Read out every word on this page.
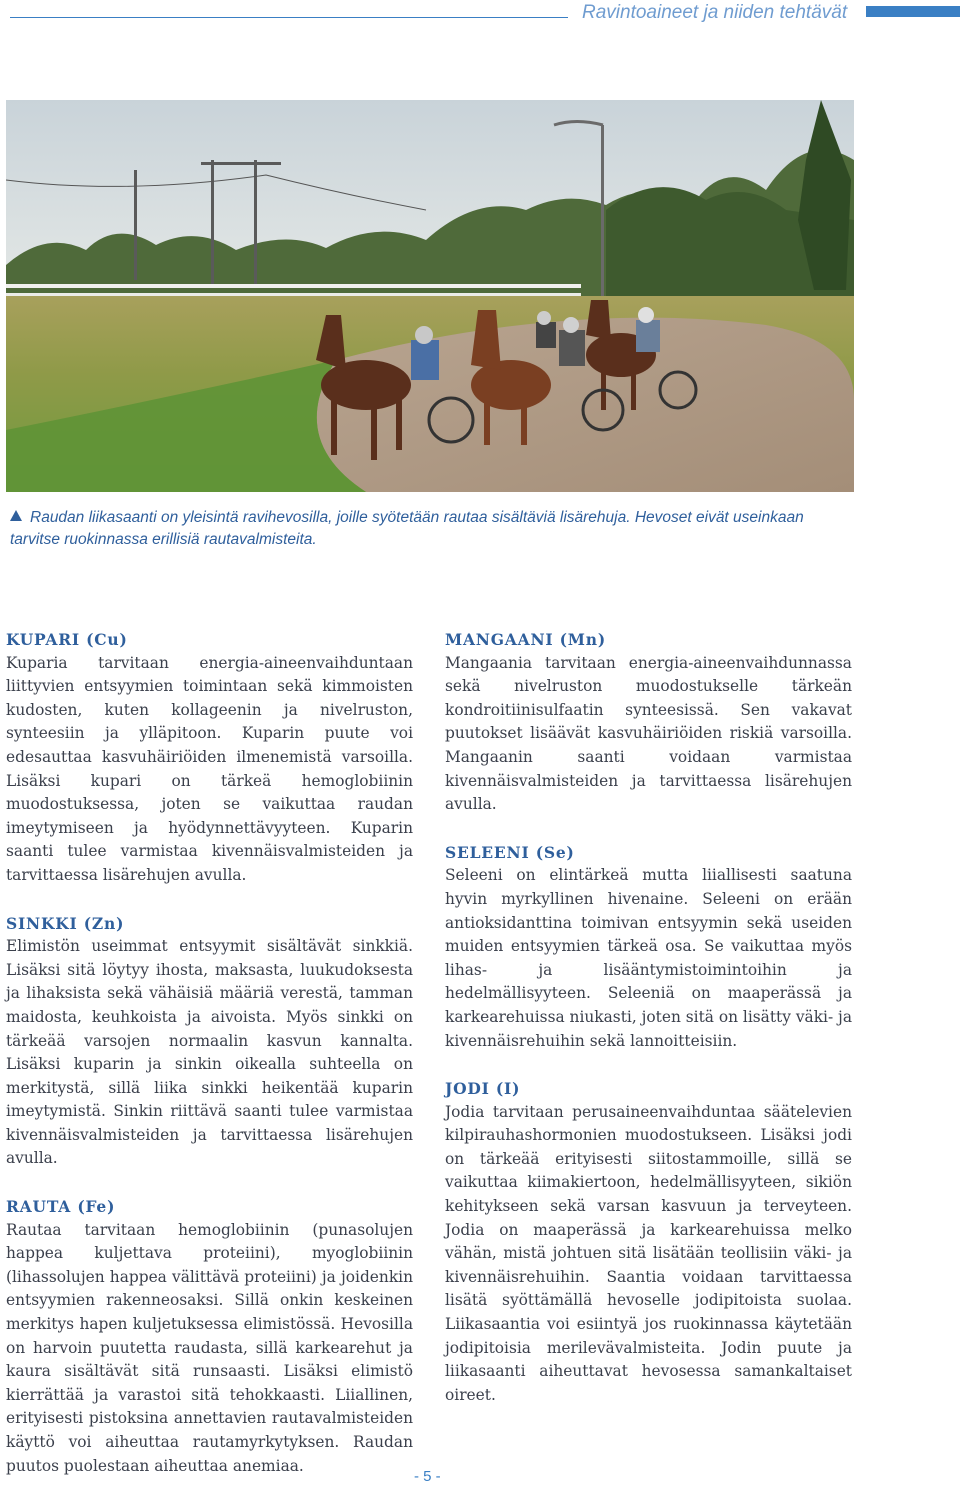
Ravintoaineet ja niiden tehtävät
Raudan liikasaanti on yleisintä ravihevosilla, joille syötetään rautaa sisältäviä lisärehuja. Hevoset eivät useinkaan tarvitse ruokinnassa erillisiä rautavalmisteita.
KUPARI (Cu)

Kuparia tarvitaan energia-aineenvaihduntaan liittyvien entsyymien toimintaan sekä kimmoisten kudosten, kuten kollageenin ja nivelruston, synteesiin ja ylläpitoon. Kuparin puute voi edesauttaa kasvuhäiriöiden ilmenemistä varsoilla. Lisäksi kupari on tärkeä hemoglobiinin muodostuksessa, joten se vaikuttaa raudan imeytymiseen ja hyödynnettävyyteen. Kuparin saanti tulee varmistaa kivennäisvalmisteiden ja tarvittaessa lisärehujen avulla.

SINKKI (Zn)

Elimistön useimmat entsyymit sisältävät sinkkiä. Lisäksi sitä löytyy ihosta, maksasta, luukudoksesta ja lihaksista sekä vähäisiä määriä verestä, tamman maidosta, keuhkoista ja aivoista. Myös sinkki on tärkeää varsojen normaalin kasvun kannalta. Lisäksi kuparin ja sinkin oikealla suhteella on merkitystä, sillä liika sinkki heikentää kuparin imeytymistä. Sinkin riittävä saanti tulee varmistaa kivennäisvalmisteiden ja tarvittaessa lisärehujen avulla.

RAUTA (Fe)

Rautaa tarvitaan hemoglobiinin (punasolujen happea kuljettava proteiini), myoglobiinin (lihassolujen happea välittävä proteiini) ja joidenkin entsyymien rakenneosaksi. Sillä onkin keskeinen merkitys hapen kuljetuksessa elimistössä. Hevosilla on harvoin puutetta raudasta, sillä karkearehut ja kaura sisältävät sitä runsaasti. Lisäksi elimistö kierrättää ja varastoi sitä tehokkaasti. Liiallinen, erityisesti pistoksina annettavien rautavalmisteiden käyttö voi aiheuttaa rautamyrkytyksen. Raudan puutos puolestaan aiheuttaa anemiaa.

MANGAANI (Mn)

Mangaania tarvitaan energia-aineenvaihdunnassa sekä nivelruston muodostukselle tärkeän kondroitiinisulfaatin synteesissä. Sen vakavat puutokset lisäävät kasvuhäiriöiden riskiä varsoilla. Mangaanin saanti voidaan varmistaa kivennäisvalmisteiden ja tarvittaessa lisärehujen avulla.

SELEENI (Se)

Seleeni on elintärkeä mutta liiallisesti saatuna hyvin myrkyllinen hivenaine. Seleeni on erään antioksidanttina toimivan entsyymin sekä useiden muiden entsyymien tärkeä osa. Se vaikuttaa myös lihas- ja lisääntymistoimintoihin ja hedelmällisyyteen. Seleeniä on maaperässä ja karkearehuissa niukasti, joten sitä on lisätty väki- ja kivennäisrehuihin sekä lannoitteisiin.

JODI (I)

Jodia tarvitaan perusaineenvaihduntaa säätelevien kilpirauhashormonien muodostukseen. Lisäksi jodi on tärkeää erityisesti siitostammoille, sillä se vaikuttaa kiimakiertoon, hedelmällisyyteen, sikiön kehitykseen sekä varsan kasvuun ja terveyteen. Jodia on maaperässä ja karkearehuissa melko vähän, mistä johtuen sitä lisätään teollisiin väki- ja kivennäisrehuihin. Saantia voidaan tarvittaessa lisätä syöttämällä hevoselle jodipitoista suolaa. Liikasaantia voi esiintyä jos ruokinnassa käytetään jodipitoisia merilevävalmisteita. Jodin puute ja liikasaanti aiheuttavat hevosessa samankaltaiset oireet.

- 5 -
